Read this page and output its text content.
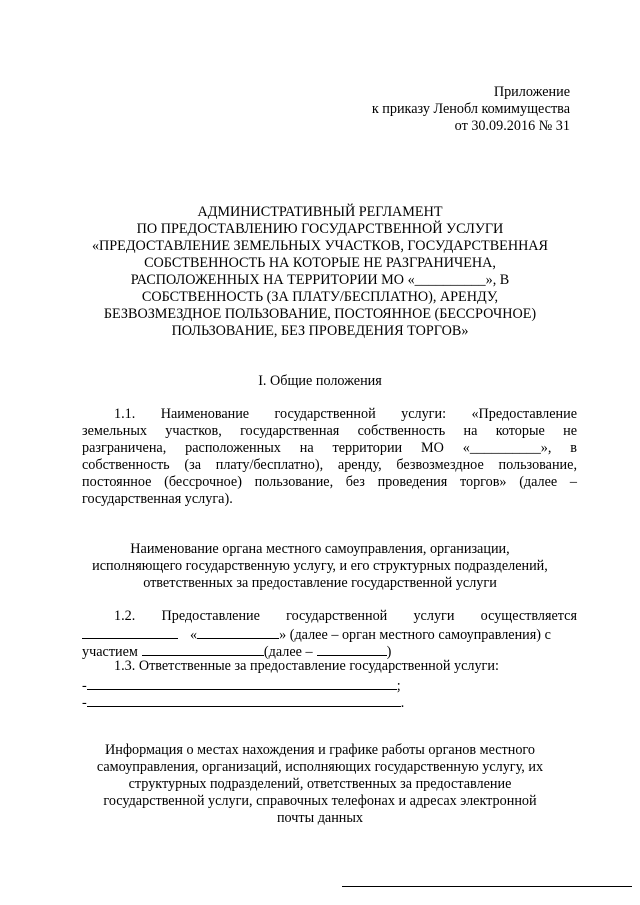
Приложение
к приказу Ленобл комимущества
от 30.09.2016 № 31
АДМИНИСТРАТИВНЫЙ РЕГЛАМЕНТ
ПО ПРЕДОСТАВЛЕНИЮ ГОСУДАРСТВЕННОЙ УСЛУГИ
«ПРЕДОСТАВЛЕНИЕ ЗЕМЕЛЬНЫХ УЧАСТКОВ, ГОСУДАРСТВЕННАЯ
СОБСТВЕННОСТЬ НА КОТОРЫЕ НЕ РАЗГРАНИЧЕНА,
РАСПОЛОЖЕННЫХ НА ТЕРРИТОРИИ МО «__________», В
СОБСТВЕННОСТЬ (ЗА ПЛАТУ/БЕСПЛАТНО), АРЕНДУ,
БЕЗВОЗМЕЗДНОЕ ПОЛЬЗОВАНИЕ, ПОСТОЯННОЕ (БЕССРОЧНОЕ)
ПОЛЬЗОВАНИЕ, БЕЗ ПРОВЕДЕНИЯ ТОРГОВ»
I. Общие положения
1.1. Наименование государственной услуги: «Предоставление
земельных участков, государственная собственность на которые не
разграничена, расположенных на территории МО «__________», в
собственность (за плату/бесплатно), аренду, безвозмездное пользование,
постоянное (бессрочное) пользование, без проведения торгов» (далее –
государственная услуга).
Наименование органа местного самоуправления, организации,
исполняющего государственную услугу, и его структурных подразделений,
ответственных за предоставление государственной услуги
1.2. Предоставление государственной услуги осуществляется
«	» (далее – орган местного самоуправления) с
участием	(далее –	)
1.3. Ответственные за предоставление государственной услуги:
-	;
-	.
Информация о местах нахождения и графике работы органов местного
самоуправления, организаций, исполняющих государственную услугу, их
структурных подразделений, ответственных за предоставление
государственной услуги, справочных телефонах и адресах электронной
почты данных
